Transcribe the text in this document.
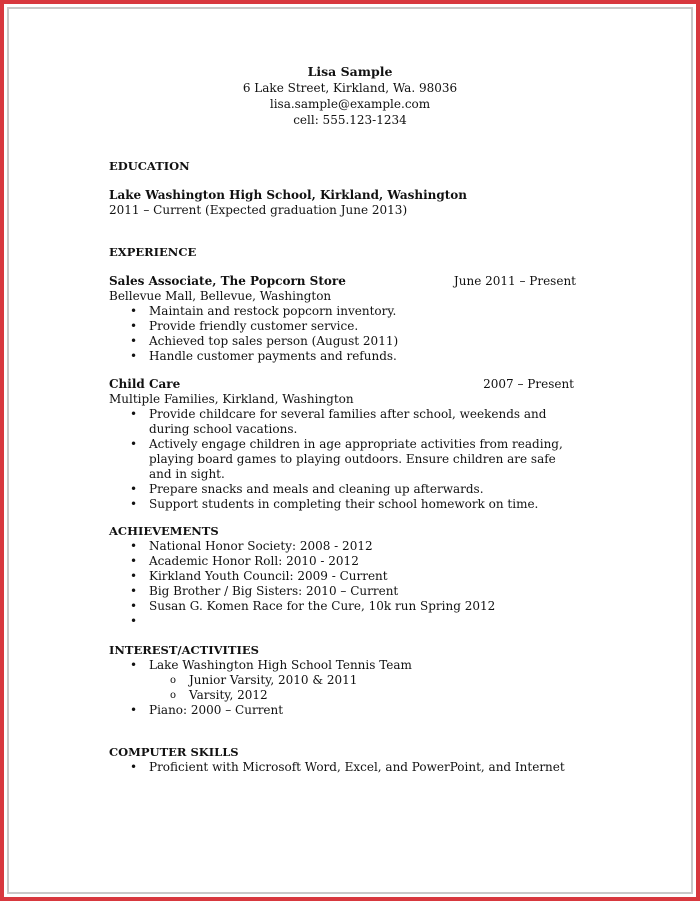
Lisa Sample
6 Lake Street, Kirkland, Wa. 98036
lisa.sample@example.com
cell: 555.123-1234
EDUCATION
Lake Washington High School, Kirkland, Washington
2011 – Current (Expected graduation June 2013)
EXPERIENCE
Sales Associate, The Popcorn Store	June 2011 – Present
Bellevue Mall, Bellevue, Washington
• Maintain and restock popcorn inventory.
• Provide friendly customer service.
• Achieved top sales person (August 2011)
• Handle customer payments and refunds.
Child Care	2007 – Present
Multiple Families, Kirkland, Washington
• Provide childcare for several families after school, weekends and during school vacations.
• Actively engage children in age appropriate activities from reading, playing board games to playing outdoors. Ensure children are safe and in sight.
• Prepare snacks and meals and cleaning up afterwards.
• Support students in completing their school homework on time.
ACHIEVEMENTS
• National Honor Society: 2008 - 2012
• Academic Honor Roll: 2010 - 2012
• Kirkland Youth Council: 2009 - Current
• Big Brother / Big Sisters: 2010 – Current
• Susan G. Komen Race for the Cure, 10k run Spring 2012
•
INTEREST/ACTIVITIES
• Lake Washington High School Tennis Team
o Junior Varsity, 2010 & 2011
o Varsity, 2012
• Piano: 2000 – Current
COMPUTER SKILLS
• Proficient with Microsoft Word, Excel, and PowerPoint, and Internet
